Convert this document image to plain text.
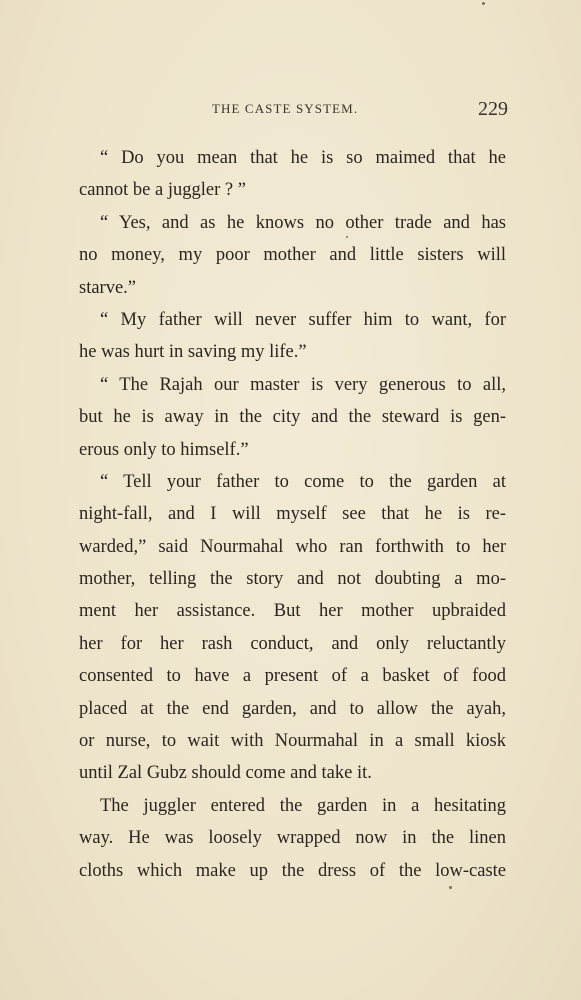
THE CASTE SYSTEM.	229
“ Do you mean that he is so maimed that he
cannot be a juggler ? ”
“ Yes, and as he knows no other trade and has
no money, my poor mother and little sisters will
starve.”
“ My father will never suffer him to want, for
he was hurt in saving my life.”
“ The Rajah our master is very generous to all,
but he is away in the city and the steward is gen-
erous only to himself.”
“ Tell your father to come to the garden at
night-fall, and I will myself see that he is re-
warded,” said Nourmahal who ran forthwith to her
mother, telling the story and not doubting a mo-
ment her assistance. But her mother upbraided
her for her rash conduct, and only reluctantly
consented to have a present of a basket of food
placed at the end garden, and to allow the ayah,
or nurse, to wait with Nourmahal in a small kiosk
until Zal Gubz should come and take it.
The juggler entered the garden in a hesitating
way. He was loosely wrapped now in the linen
cloths which make up the dress of the low-caste
